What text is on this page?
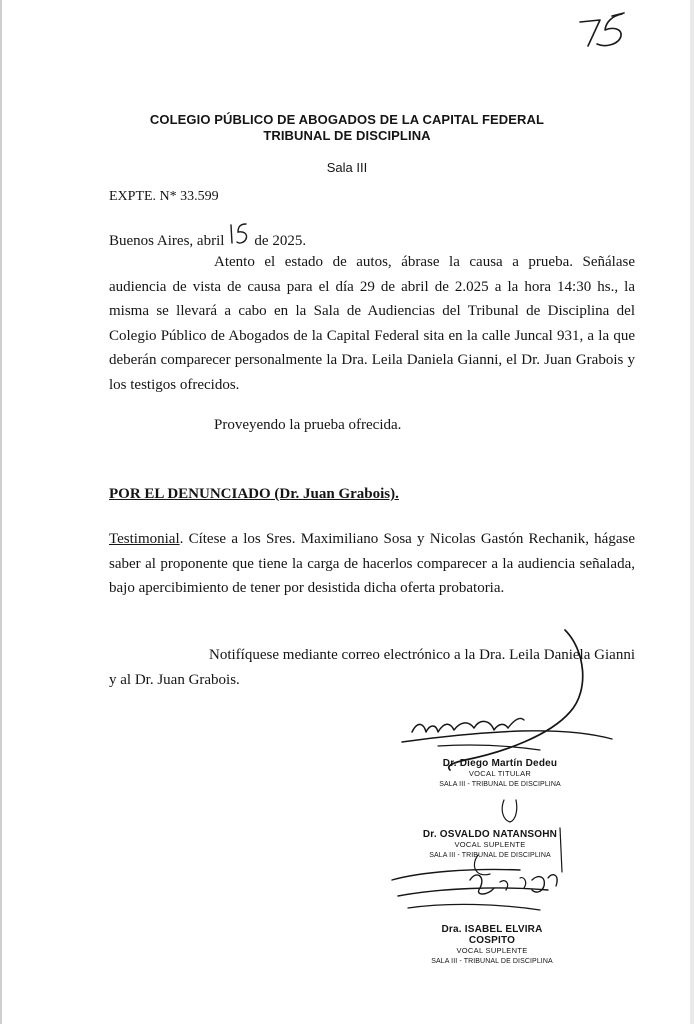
COLEGIO PÚBLICO DE ABOGADOS DE LA CAPITAL FEDERAL
TRIBUNAL DE DISCIPLINA
Sala III
EXPTE. N* 33.599
Buenos Aires, abril de 2025.
Atento el estado de autos, ábrase la causa a prueba. Señálase audiencia de vista de causa para el día 29 de abril de 2.025 a la hora 14:30 hs., la misma se llevará a cabo en la Sala de Audiencias del Tribunal de Disciplina del Colegio Público de Abogados de la Capital Federal sita en la calle Juncal 931, a la que deberán comparecer personalmente la Dra. Leila Daniela Gianni, el Dr. Juan Grabois y los testigos ofrecidos.
Proveyendo la prueba ofrecida.
POR EL DENUNCIADO (Dr. Juan Grabois).
Testimonial. Cítese a los Sres. Maximiliano Sosa y Nicolas Gastón Rechanik, hágase saber al proponente que tiene la carga de hacerlos comparecer a la audiencia señalada, bajo apercibimiento de tener por desistida dicha oferta probatoria.
Notifíquese mediante correo electrónico a la Dra. Leila Daniela Gianni y al Dr. Juan Grabois.
Dr. Diego Martín Dedeu
VOCAL TITULAR
SALA III - TRIBUNAL DE DISCIPLINA
Dr. OSVALDO NATANSOHN
VOCAL SUPLENTE
SALA III - TRIBUNAL DE DISCIPLINA
Dra. ISABEL ELVIRA COSPITO
VOCAL SUPLENTE
SALA III - TRIBUNAL DE DISCIPLINA
